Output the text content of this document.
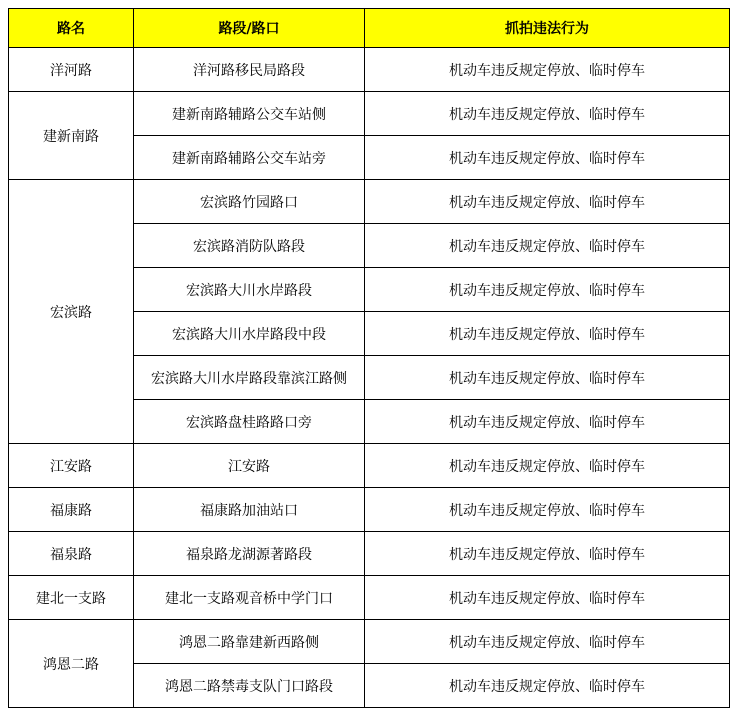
路名	路段/路口	抓拍违法行为
洋河路	洋河路移民局路段	机动车违反规定停放、临时停车
建新南路	建新南路辅路公交车站侧	机动车违反规定停放、临时停车
	建新南路辅路公交车站旁	机动车违反规定停放、临时停车
宏滨路	宏滨路竹园路口	机动车违反规定停放、临时停车
	宏滨路消防队路段	机动车违反规定停放、临时停车
	宏滨路大川水岸路段	机动车违反规定停放、临时停车
	宏滨路大川水岸路段中段	机动车违反规定停放、临时停车
	宏滨路大川水岸路段靠滨江路侧	机动车违反规定停放、临时停车
	宏滨路盘桂路路口旁	机动车违反规定停放、临时停车
江安路	江安路	机动车违反规定停放、临时停车
福康路	福康路加油站口	机动车违反规定停放、临时停车
福泉路	福泉路龙湖源著路段	机动车违反规定停放、临时停车
建北一支路	建北一支路观音桥中学门口	机动车违反规定停放、临时停车
鸿恩二路	鸿恩二路靠建新西路侧	机动车违反规定停放、临时停车
	鸿恩二路禁毒支队门口路段	机动车违反规定停放、临时停车
